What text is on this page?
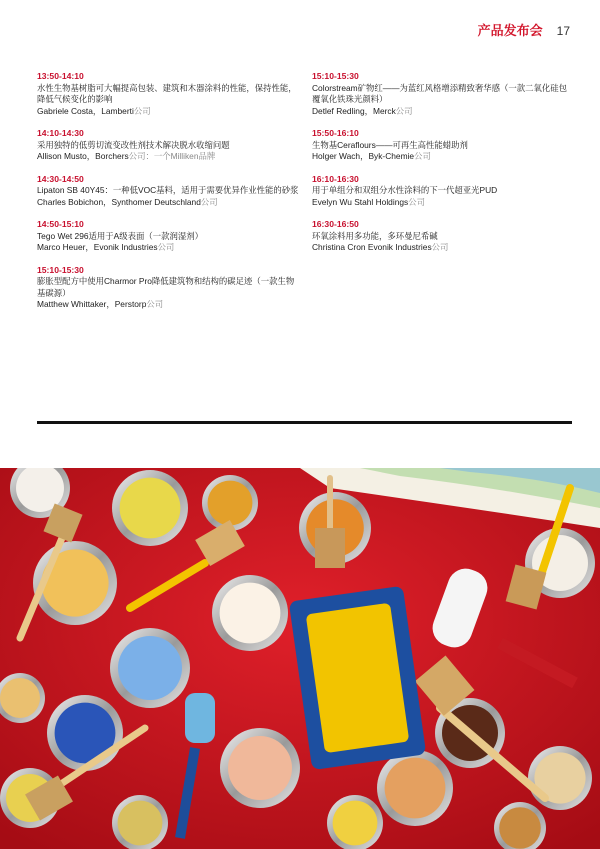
产品发布会 17
13:50-14:10
水性生物基树脂可大幅提高包装、建筑和木器涂料的性能，保持性能，降低气候变化的影响
Gabriele Costa，Lamberti公司
14:10-14:30
采用独特的低剪切流变改性剂技术解决脱水收缩问题
Allison Musto，Borchers公司：一个Milliken品牌
14:30-14:50
Lipaton SB 40Y45：一种低VOC基料，适用于需要优异作业性能的砂浆
Charles Bobichon，Synthomer Deutschland公司
14:50-15:10
Tego Wet 296适用于A级表面（一款润湿剂）
Marco Heuer，Evonik Industries公司
15:10-15:30
膨胀型配方中使用Charmor Pro降低建筑物和结构的碳足迹（一款生物基碳源）
Matthew Whittaker，Perstorp公司
15:10-15:30
Colorstream矿物红——为蓝红风格增添精致奢华感（一款二氧化硅包覆氧化铁珠光颜料）
Detlef Redling，Merck公司
15:50-16:10
生物基Ceraflours——可再生高性能蜡助剂
Holger Wach，Byk-Chemie公司
16:10-16:30
用于单组分和双组分水性涂料的下一代超亚光PUD
Evelyn Wu Stahl Holdings公司
16:30-16:50
环氧涂料用多功能，多环曼尼希碱
Christina Cron Evonik Industries公司
